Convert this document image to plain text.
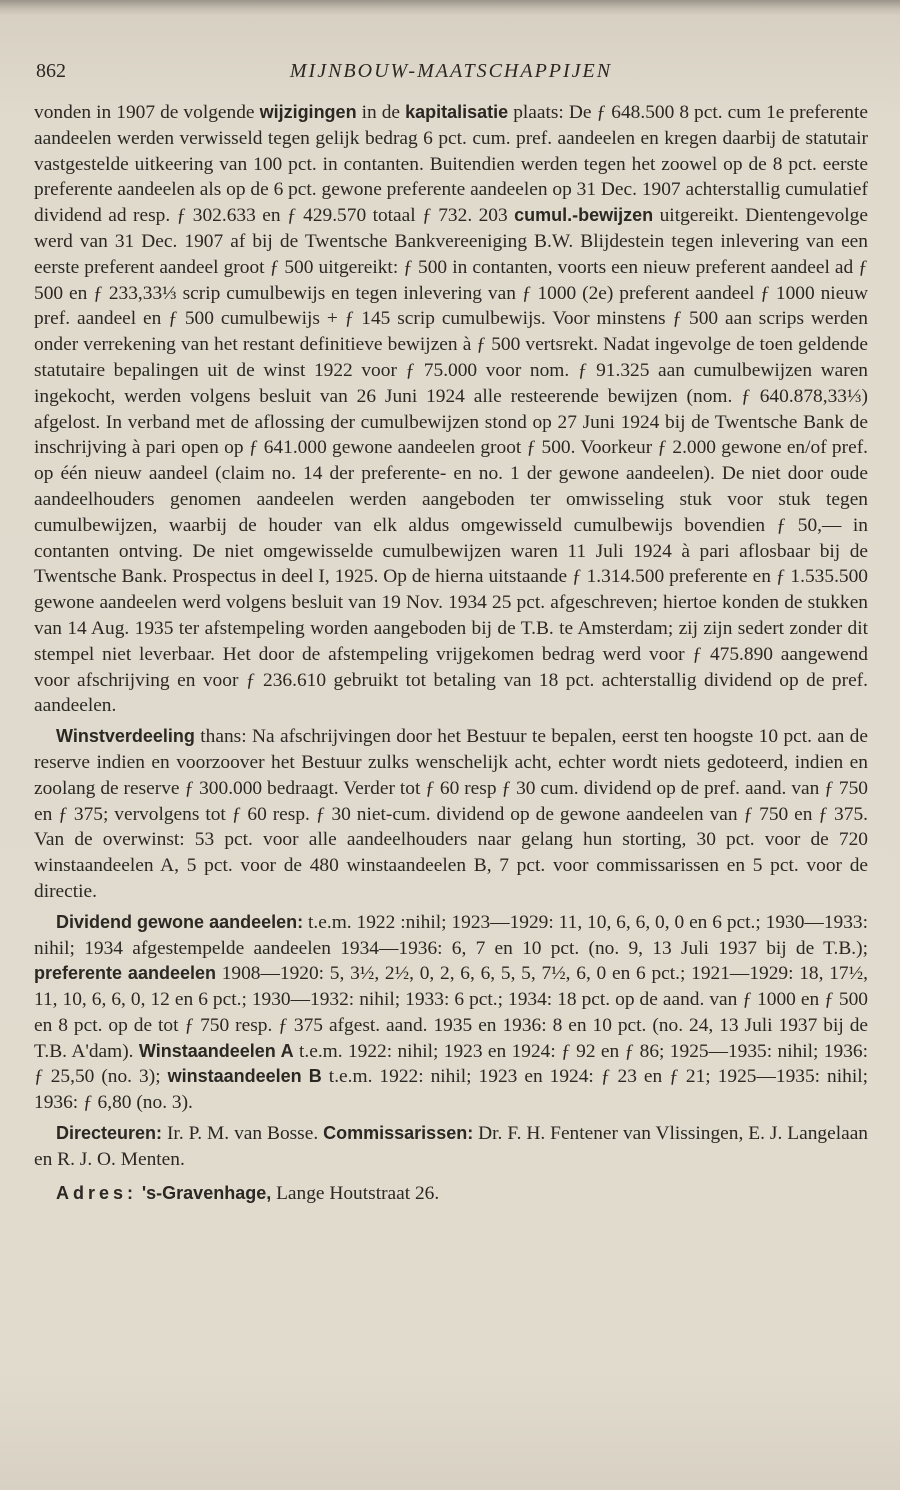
862	MIJNBOUW-MAATSCHAPPIJEN

vonden in 1907 de volgende wijzigingen in de kapitalisatie plaats: De ƒ 648.500 8 pct. cum 1e preferente aandeelen werden verwisseld tegen gelijk bedrag 6 pct. cum. pref. aandeelen en kregen daarbij de statutair vastgestelde uitkeering van 100 pct. in contanten. Buitendien werden tegen het zoowel op de 8 pct. eerste preferente aandeelen als op de 6 pct. gewone preferente aandeelen op 31 Dec. 1907 achterstallig cumulatief dividend ad resp. ƒ 302.633 en ƒ 429.570 totaal ƒ 732. 203 cumul.-bewijzen uitgereikt. Dientengevolge werd van 31 Dec. 1907 af bij de Twentsche Bankvereeniging B.W. Blijdestein tegen inlevering van een eerste preferent aandeel groot ƒ 500 uitgereikt: ƒ 500 in contanten, voorts een nieuw preferent aandeel ad ƒ 500 en ƒ 233,33⅓ scrip cumulbewijs en tegen inlevering van ƒ 1000 (2e) preferent aandeel ƒ 1000 nieuw pref. aandeel en ƒ 500 cumulbewijs + ƒ 145 scrip cumulbewijs. Voor minstens ƒ 500 aan scrips werden onder verrekening van het restant definitieve bewijzen à ƒ 500 vertsrekt. Nadat ingevolge de toen geldende statutaire bepalingen uit de winst 1922 voor ƒ 75.000 voor nom. ƒ 91.325 aan cumulbewijzen waren ingekocht, werden volgens besluit van 26 Juni 1924 alle resteerende bewijzen (nom. ƒ 640.878,33⅓) afgelost. In verband met de aflossing der cumulbewijzen stond op 27 Juni 1924 bij de Twentsche Bank de inschrijving à pari open op ƒ 641.000 gewone aandeelen groot ƒ 500. Voorkeur ƒ 2.000 gewone en/of pref. op één nieuw aandeel (claim no. 14 der preferente- en no. 1 der gewone aandeelen). De niet door oude aandeelhouders genomen aandeelen werden aangeboden ter omwisseling stuk voor stuk tegen cumulbewijzen, waarbij de houder van elk aldus omgewisseld cumulbewijs bovendien ƒ 50,— in contanten ontving. De niet omgewisselde cumulbewijzen waren 11 Juli 1924 à pari aflosbaar bij de Twentsche Bank. Prospectus in deel I, 1925. Op de hierna uitstaande ƒ 1.314.500 preferente en ƒ 1.535.500 gewone aandeelen werd volgens besluit van 19 Nov. 1934 25 pct. afgeschreven; hiertoe konden de stukken van 14 Aug. 1935 ter afstempeling worden aangeboden bij de T.B. te Amsterdam; zij zijn sedert zonder dit stempel niet leverbaar. Het door de afstempeling vrijgekomen bedrag werd voor ƒ 475.890 aangewend voor afschrijving en voor ƒ 236.610 gebruikt tot betaling van 18 pct. achterstallig dividend op de pref. aandeelen.

Winstverdeeling thans: Na afschrijvingen door het Bestuur te bepalen, eerst ten hoogste 10 pct. aan de reserve indien en voorzoover het Bestuur zulks wenschelijk acht, echter wordt niets gedoteerd, indien en zoolang de reserve ƒ 300.000 bedraagt. Verder tot ƒ 60 resp ƒ 30 cum. dividend op de pref. aand. van ƒ 750 en ƒ 375; vervolgens tot ƒ 60 resp. ƒ 30 niet-cum. dividend op de gewone aandeelen van ƒ 750 en ƒ 375. Van de overwinst: 53 pct. voor alle aandeelhouders naar gelang hun storting, 30 pct. voor de 720 winstaandeelen A, 5 pct. voor de 480 winstaandeelen B, 7 pct. voor commissarissen en 5 pct. voor de directie.

Dividend gewone aandeelen: t.e.m. 1922 :nihil; 1923—1929: 11, 10, 6, 6, 0, 0 en 6 pct.; 1930—1933: nihil; 1934 afgestempelde aandeelen 1934—1936: 6, 7 en 10 pct. (no. 9, 13 Juli 1937 bij de T.B.); preferente aandeelen 1908—1920: 5, 3½, 2½, 0, 2, 6, 6, 5, 5, 7½, 6, 0 en 6 pct.; 1921—1929: 18, 17½, 11, 10, 6, 6, 0, 12 en 6 pct.; 1930—1932: nihil; 1933: 6 pct.; 1934: 18 pct. op de aand. van ƒ 1000 en ƒ 500 en 8 pct. op de tot ƒ 750 resp. ƒ 375 afgest. aand. 1935 en 1936: 8 en 10 pct. (no. 24, 13 Juli 1937 bij de T.B. A'dam). Winstaandeelen A t.e.m. 1922: nihil; 1923 en 1924: ƒ 92 en ƒ 86; 1925—1935: nihil; 1936: ƒ 25,50 (no. 3); winstaandeelen B t.e.m. 1922: nihil; 1923 en 1924: ƒ 23 en ƒ 21; 1925—1935: nihil; 1936: ƒ 6,80 (no. 3).

Directeuren: Ir. P. M. van Bosse. Commissarissen: Dr. F. H. Fentener van Vlissingen, E. J. Langelaan en R. J. O. Menten.

Adres: 's-Gravenhage, Lange Houtstraat 26.
